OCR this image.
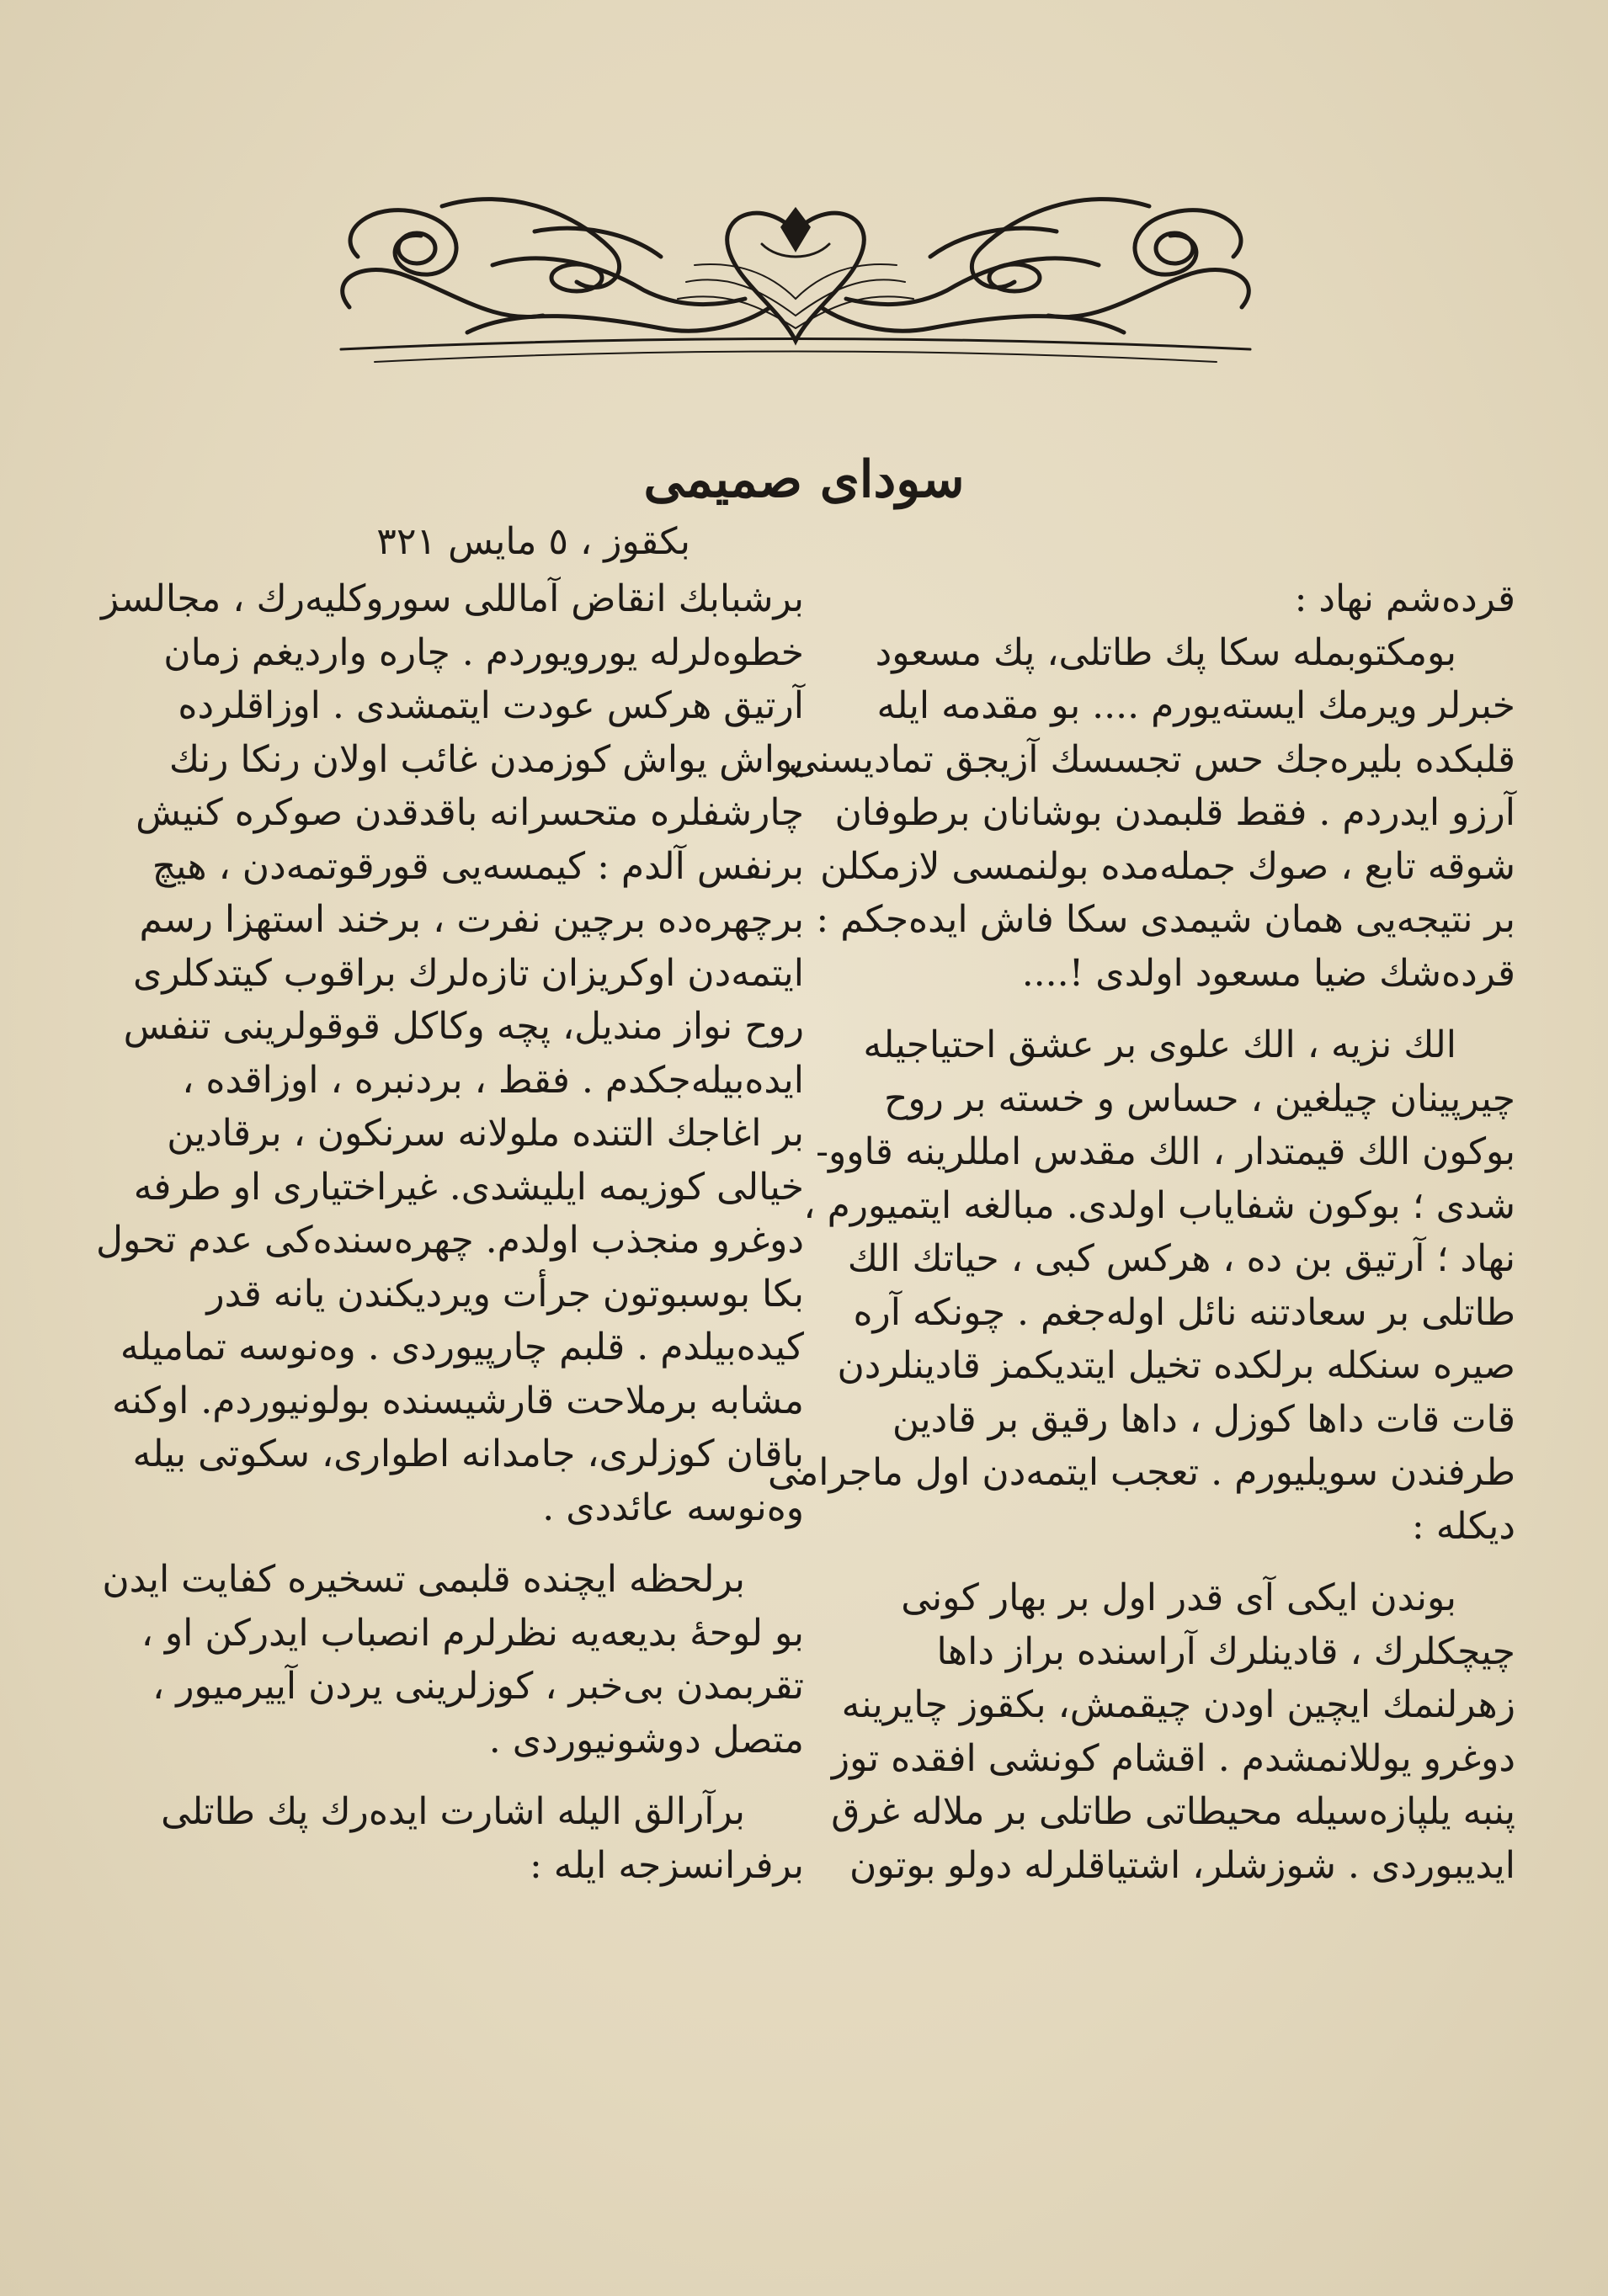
سودای صمیمی
بکقوز ، ٥ مایس ٣٢١
قرده‌شم نهاد :
بومکتوبمله سکا پك طاتلی، پك مسعود
خبرلر ویرمك ایسته‌یورم .... بو مقدمه ایله
قلبکده بلیره‌جك حس تجسسك آزیجق تمادیسنی
آرزو ایدردم . فقط قلبمدن بوشانان برطوفان
شوقه تابع ، صوك جمله‌مده بولنمسی لازمکلن
بر نتیجه‌یی همان شیمدی سکا فاش ایده‌جکم :
قرده‌شك ضیا مسعود اولدی !....
الك نزیه ، الك علوی بر عشق احتیاجیله
چیرپینان چیلغین ، حساس و خسته بر روح
بوکون الك قیمتدار ، الك مقدس امللرینه قاوو-
شدی ؛ بوکون شفایاب اولدی. مبالغه ایتمیورم ،
نهاد ؛ آرتیق بن ده ، هرکس کبی ، حیاتك الك
طاتلی بر سعادتنه نائل اوله‌جغم . چونکه آره
صیره سنکله برلکده تخیل ایتدیکمز قادینلردن
قات قات داها کوزل ، داها رقیق بر قادین
طرفندن سویلیورم . تعجب ایتمه‌دن اول ماجرامی
دیکله :
بوندن ایکی آی قدر اول بر بهار کونی
چیچکلرك ، قادینلرك آراسنده براز داها
زهرلنمك ایچین اودن چیقمش، بکقوز چایرینه
دوغرو یوللانمشدم . اقشام کونشی افقده توز
پنبه یلپازه‌سیله محیطاتی طاتلی بر ملاله غرق
ایدیبوردی . شوزشلر، اشتیاقلرله دولو بوتون
برشبابك انقاض آماللی سوروکلیه‌رك ، مجالسز
خطوه‌لرله یورویوردم . چاره واردیغم زمان
آرتیق هرکس عودت ایتمشدی . اوزاقلرده
یواش یواش کوزمدن غائب اولان رنکا رنك
چارشفلره متحسرانه باقدقدن صوکره کنیش
برنفس آلدم : کیمسه‌یی قورقوتمه‌دن ، هیچ
برچهره‌ده برچین نفرت ، برخند استهزا رسم
ایتمه‌دن اوکریزان تازه‌لرك براقوب کیتدکلری
روح نواز مندیل، پچه وکاکل قوقولرینی تنفس
ایده‌بیله‌جکدم . فقط ، بردنبره ، اوزاقده ،
بر اغاجك التنده ملولانه سرنکون ، برقادین
خیالی کوزیمه ایلیشدی. غیراختیاری او طرفه
دوغرو منجذب اولدم. چهره‌سنده‌کی عدم تحول
بکا بوسبوتون جرأت ویردیکندن یانه قدر
کیده‌بیلدم . قلبم چارپیوردی . وه‌نوسه تمامیله
مشابه برملاحت قارشیسنده بولونیوردم. اوکنه
باقان کوزلری، جامدانه اطواری، سکوتی بیله
وه‌نوسه عائددی .
برلحظه ایچنده قلبمی تسخیره کفایت ایدن
بو لوحهٔ بدیعه‌یه نظرلرم انصباب ایدرکن او ،
تقربمدن بی‌خبر ، کوزلرینی یردن آییرمیور ،
متصل دوشونیوردی .
برآرالق الیله اشارت ایده‌رك پك طاتلی
برفرانسزجه ایله :
